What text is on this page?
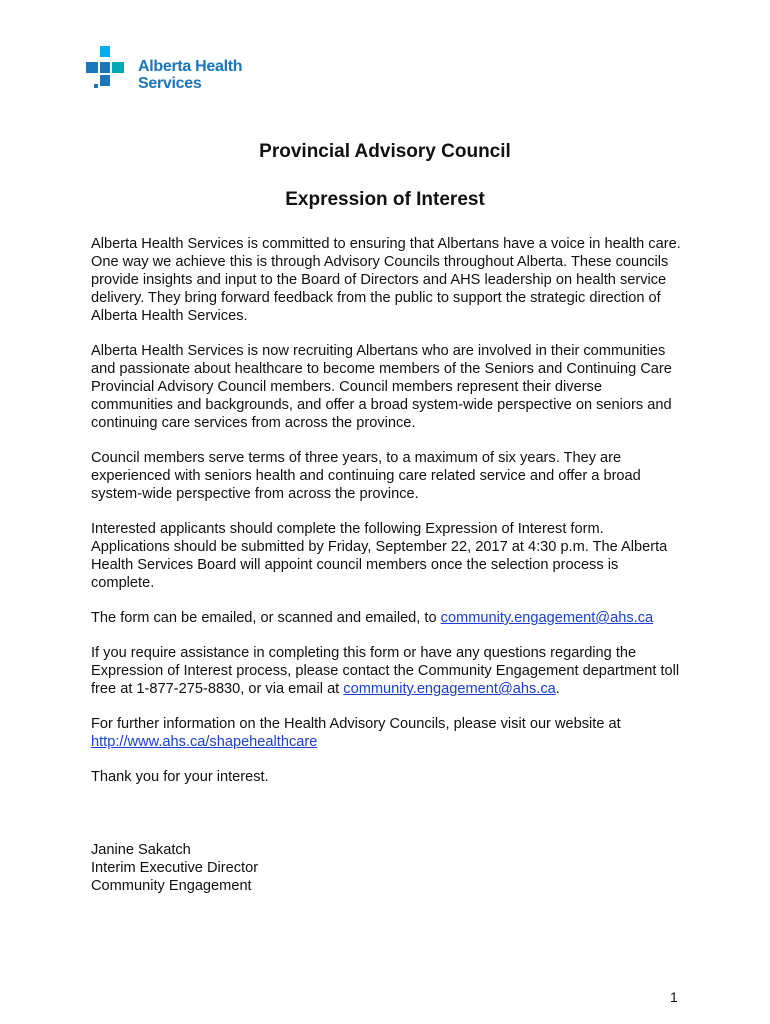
Alberta Health
Services
Provincial Advisory Council
Expression of Interest

Alberta Health Services is committed to ensuring that Albertans have a voice in health care. One way we achieve this is through Advisory Councils throughout Alberta. These councils provide insights and input to the Board of Directors and AHS leadership on health service delivery. They bring forward feedback from the public to support the strategic direction of Alberta Health Services.

Alberta Health Services is now recruiting Albertans who are involved in their communities and passionate about healthcare to become members of the Seniors and Continuing Care Provincial Advisory Council members. Council members represent their diverse communities and backgrounds, and offer a broad system-wide perspective on seniors and continuing care services from across the province.

Council members serve terms of three years, to a maximum of six years. They are experienced with seniors health and continuing care related service and offer a broad system-wide perspective from across the province.

Interested applicants should complete the following Expression of Interest form. Applications should be submitted by Friday, September 22, 2017 at 4:30 p.m. The Alberta Health Services Board will appoint council members once the selection process is complete.

The form can be emailed, or scanned and emailed, to community.engagement@ahs.ca

If you require assistance in completing this form or have any questions regarding the Expression of Interest process, please contact the Community Engagement department toll free at 1-877-275-8830, or via email at community.engagement@ahs.ca.

For further information on the Health Advisory Councils, please visit our website at http://www.ahs.ca/shapehealthcare

Thank you for your interest.

Janine Sakatch
Interim Executive Director
Community Engagement
1
